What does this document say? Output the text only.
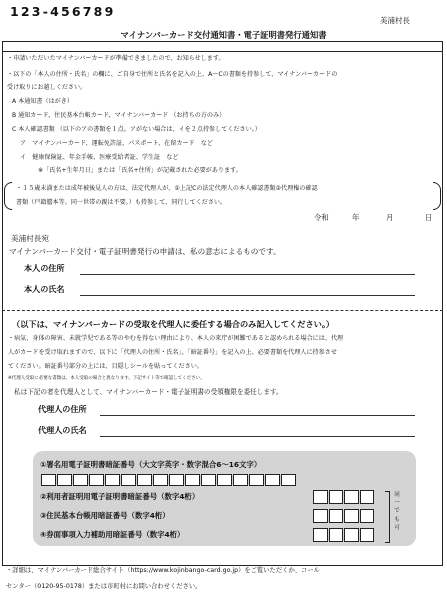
123-456789
美浦村長
マイナンバーカード交付通知書・電子証明書発行通知書
・申請いただいたマイナンバーカードが準備できましたので、お知らせします。
・以下の「本人の住所・氏名」の欄に、ご自身で住所と氏名を記入の上、A～Cの書類を持参して、マイナンバーカードの
受け取りにお越しください。
A 本通知書（はがき）
B 通知カード、住民基本台帳カード、マイナンバーカード （お持ちの方のみ）
C 本人確認書類 （以下のアの書類を１点。アがない場合は、イを２点持参してください。）
ア　マイナンバーカード、運転免許証、パスポート、在留カード　など
イ　健康保険証、年金手帳、医療受給者証、学生証　など
※「氏名+生年月日」または「氏名+住所」が記載された必要があります。
・１５歳未満または成年被後見人の方は、法定代理人が、①上記Cの法定代理人の本人確認書類②代理権の確認
書類（戸籍謄本等。同一世帯の親は不要。）も持参して、同行してください。
令和	年	月	日
美浦村長宛
マイナンバーカード交付・電子証明書発行の申請は、私の意志によるものです。
本人の住所
本人の氏名
（以下は、マイナンバーカードの受取を代理人に委任する場合のみ記入してください。）
・病気、身体の障害、未就学児である等のやむを得ない理由により、本人の来庁が困難であると認められる場合には、代理
人がカードを受け取れますので、以下に「代理人の住所・氏名」、「暗証番号」を記入の上、必要書類を代理人に持参させ
てください。暗証番号部分の上には、目隠しシールを貼ってください。
※代理人受取に必要な書類は、本人受取の場合と異なります。下記サイト等で確認してください。
私は下記の者を代理人として、マイナンバーカード・電子証明書の受領権限を委任します。
代理人の住所
代理人の氏名
①署名用電子証明書暗証番号（大文字英字・数字混合6～16文字）
②利用者証明用電子証明書暗証番号（数字4桁）
③住民基本台帳用暗証番号（数字4桁）
④券面事項入力補助用暗証番号（数字4桁）
同一でも可
・詳細は、マイナンバーカード総合サイト（https://www.kojinbango-card.go.jp）をご覧いただくか、コール
センター（0120-95-0178）または市町村にお問い合わせください。
